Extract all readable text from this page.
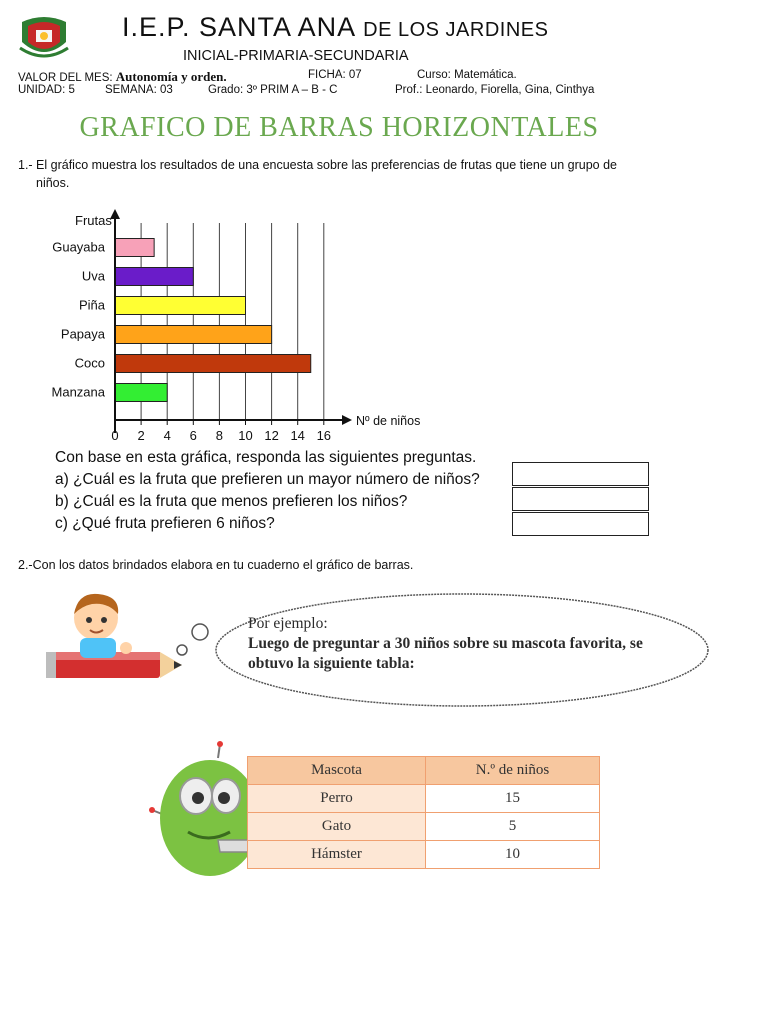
I.E.P. SANTA ANA DE LOS JARDINES
INICIAL-PRIMARIA-SECUNDARIA
VALOR DEL MES: Autonomía y orden.	FICHA: 07	Curso: Matemática.
UNIDAD: 5	SEMANA: 03	Grado: 3º PRIM A – B - C	Prof.: Leonardo, Fiorella, Gina, Cinthya
GRAFICO DE BARRAS HORIZONTALES
1.- El gráfico muestra los resultados de una encuesta sobre las preferencias de frutas que tiene un grupo de
niños.
0 2 4 6 8 10 12 14 16
Guayaba
Uva
Piña
Papaya
Coco
Manzana
Frutas
Nº de niños
Con base en esta gráfica, responda las siguientes preguntas.
a) ¿Cuál es la fruta que prefieren un mayor número de niños?
b) ¿Cuál es la fruta que menos prefieren los niños?
c) ¿Qué fruta prefieren 6 niños?
2.-Con los datos brindados elabora en tu cuaderno el gráfico de barras.
Por ejemplo:
Luego de preguntar a 30 niños sobre su mascota favorita, se
obtuvo la siguiente tabla:
Mascota	N.º de niños
Perro	15
Gato	5
Hámster	10
